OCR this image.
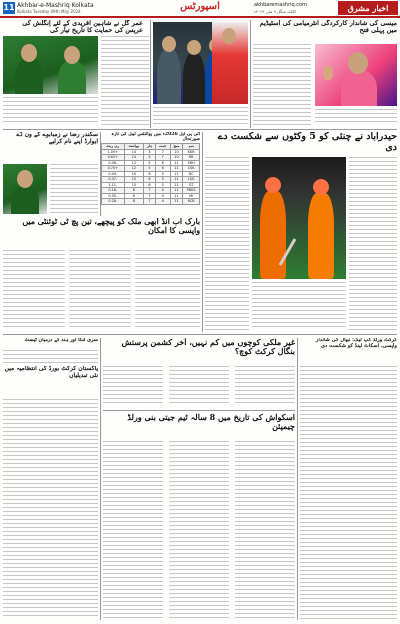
11 Akhbar-e-Mashriq Kolkata
Kolkata Tuesday 09th May 2024	اسپورٹس	akhbaremashriq.com
کلکتہ منگل ۹ مئی ۲۰۲۴ء	اخبار مشرق
عمر گل نے شاہین آفریدی کے لئے اِنگلش کی عریس کی حمایت کا تاریخ تیار کی
میسی کی شاندار کارکردگی انٹرمیامی کی اسٹیڈیم میں پہلی فتح
سکندر رضا نے زمبابوے کے ون ڈے ایوارڈ اپنے نام کرلیے
آئی پی ایل 2026ء میں پوائنٹس ٹیبل کی تازہ صورتحال
ٹیم	میچ	جیت	ہار	پوائنٹ	رن ریٹ
KKR	10	7	3	14	+1.09
RR	10	7	3	14	+0.62
SRH	11	6	5	12	-0.06
CSK	11	6	5	12	+0.70
DC	11	5	6	10	-0.44
LSG	11	5	6	10	-0.37
GT	11	5	6	10	-1.11
PBKS	11	4	7	8	-0.18
MI	11	4	7	8	-0.35
RCB	11	4	7	8	-0.28
بارک اب آنڈ ابھی ملک کو پیچھے، تین پچ ٹی ٹوئنٹی میں واپسی کا امکان
حیدرآباد نے چنئی کو 5 وکٹوں سے شکست دے دی
سری لنکا اور ہند کے درمیان ٹیسٹ
پاکستان کرکٹ بورڈ کی انتظامیہ میں نئی تبدیلیاں
غیر ملکی کوچوں میں کم نہیں، آخر کشمن پرستش بنگال کرکٹ کوچ؟
کرکٹ ورلڈ کپ لیگ: نیپال کی شاندار واپسی، اسکاٹ لینڈ کو شکست دی
اسکواش کی تاریخ میں 8 سالہ ٹیم جیتی بنی ورلڈ چیمپئن
